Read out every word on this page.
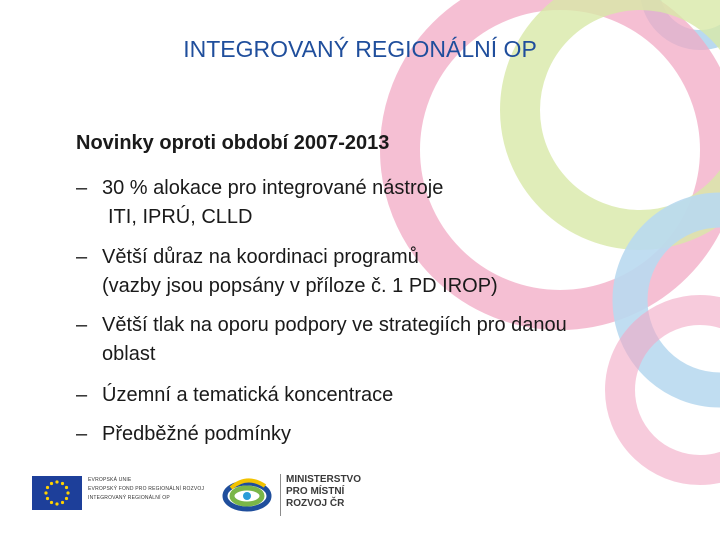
INTEGROVANÝ REGIONÁLNÍ OP
Novinky oproti období 2007-2013
– 30 % alokace pro integrované nástroje
ITI, IPRÚ, CLLD
– Větší důraz na koordinaci programů
(vazby jsou popsány v příloze č. 1 PD IROP)
– Větší tlak na oporu podpory ve strategiích pro danou
oblast
– Územní a tematická koncentrace
– Předběžné podmínky
EVROPSKÁ UNIE
EVROPSKÝ FOND PRO REGIONÁLNÍ ROZVOJ
INTEGROVANÝ REGIONÁLNÍ OP
MINISTERSTVO
PRO MÍSTNÍ
ROZVOJ ČR
